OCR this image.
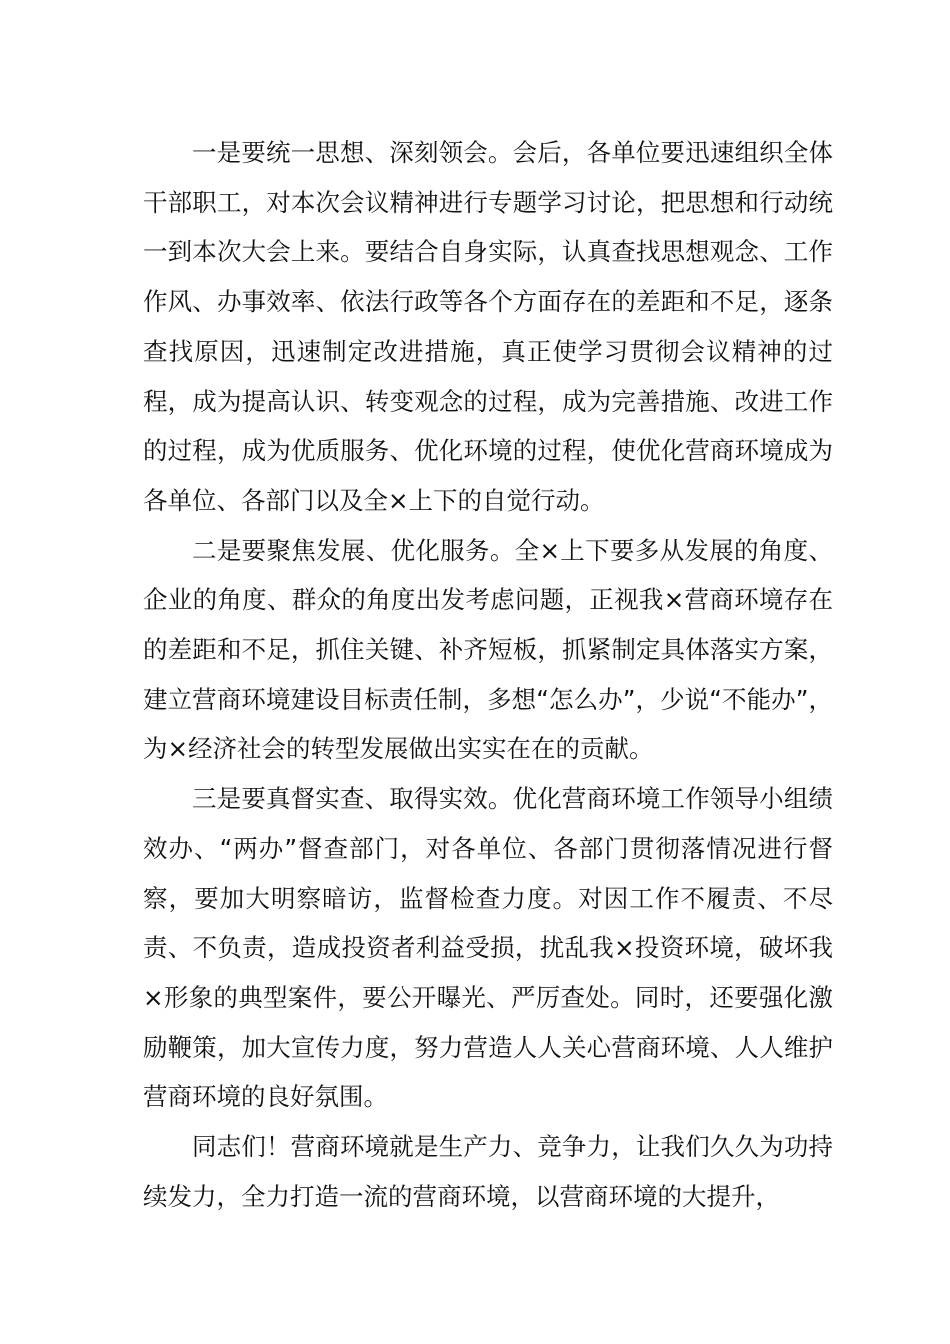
一是要统一思想、深刻领会。会后，各单位要迅速组织全体干部职工，对本次会议精神进行专题学习讨论，把思想和行动统一到本次大会上来。要结合自身实际，认真查找思想观念、工作作风、办事效率、依法行政等各个方面存在的差距和不足，逐条查找原因，迅速制定改进措施，真正使学习贯彻会议精神的过程，成为提高认识、转变观念的过程，成为完善措施、改进工作的过程，成为优质服务、优化环境的过程，使优化营商环境成为各单位、各部门以及全×上下的自觉行动。

二是要聚焦发展、优化服务。全×上下要多从发展的角度、企业的角度、群众的角度出发考虑问题，正视我×营商环境存在的差距和不足，抓住关键、补齐短板，抓紧制定具体落实方案，建立营商环境建设目标责任制，多想“怎么办”，少说“不能办”，为×经济社会的转型发展做出实实在在的贡献。

三是要真督实查、取得实效。优化营商环境工作领导小组绩效办、“两办”督查部门，对各单位、各部门贯彻落情况进行督察，要加大明察暗访，监督检查力度。对因工作不履责、不尽责、不负责，造成投资者利益受损，扰乱我×投资环境，破坏我×形象的典型案件，要公开曝光、严厉查处。同时，还要强化激励鞭策，加大宣传力度，努力营造人人关心营商环境、人人维护营商环境的良好氛围。

同志们！营商环境就是生产力、竞争力，让我们久久为功持续发力，全力打造一流的营商环境，以营商环境的大提升，
